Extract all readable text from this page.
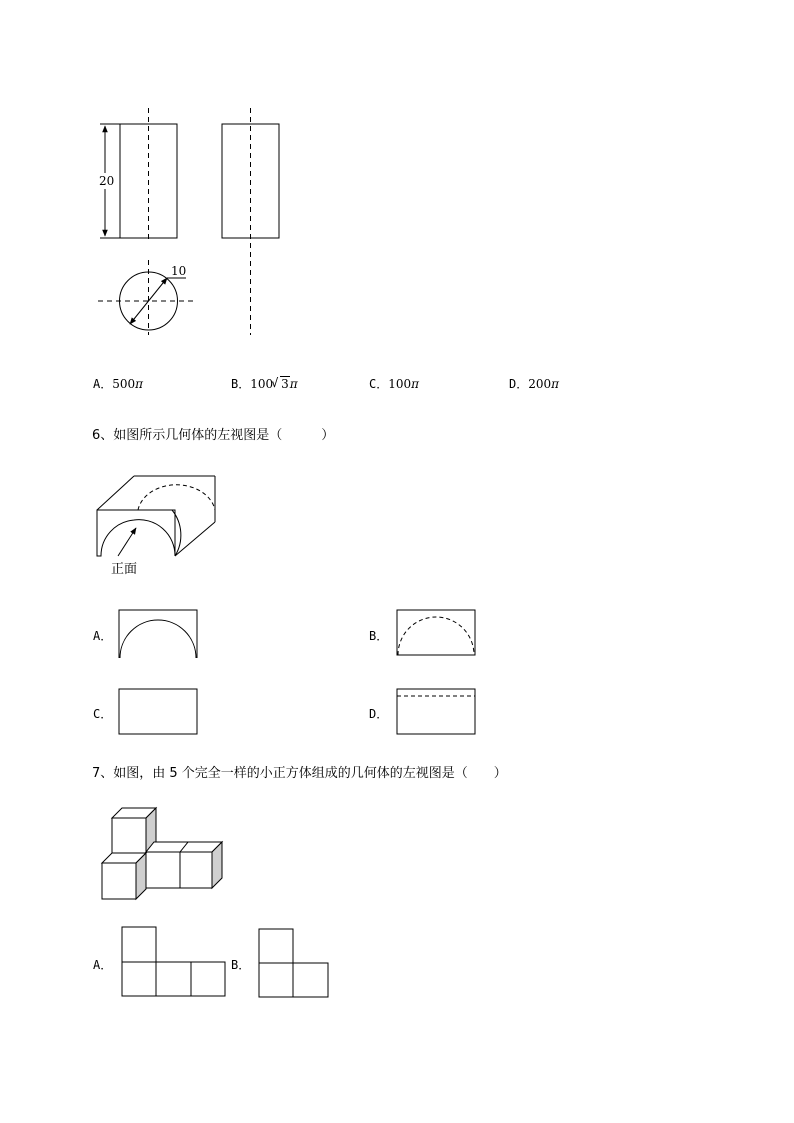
20
10
A．500π	B．100√ 3π	C．100π	D．200π
6、如图所示几何体的左视图是（　　　）
正面
A．	B．
C．	D．
7、如图，由 5 个完全一样的小正方体组成的几何体的左视图是（　　）
A．	B．
